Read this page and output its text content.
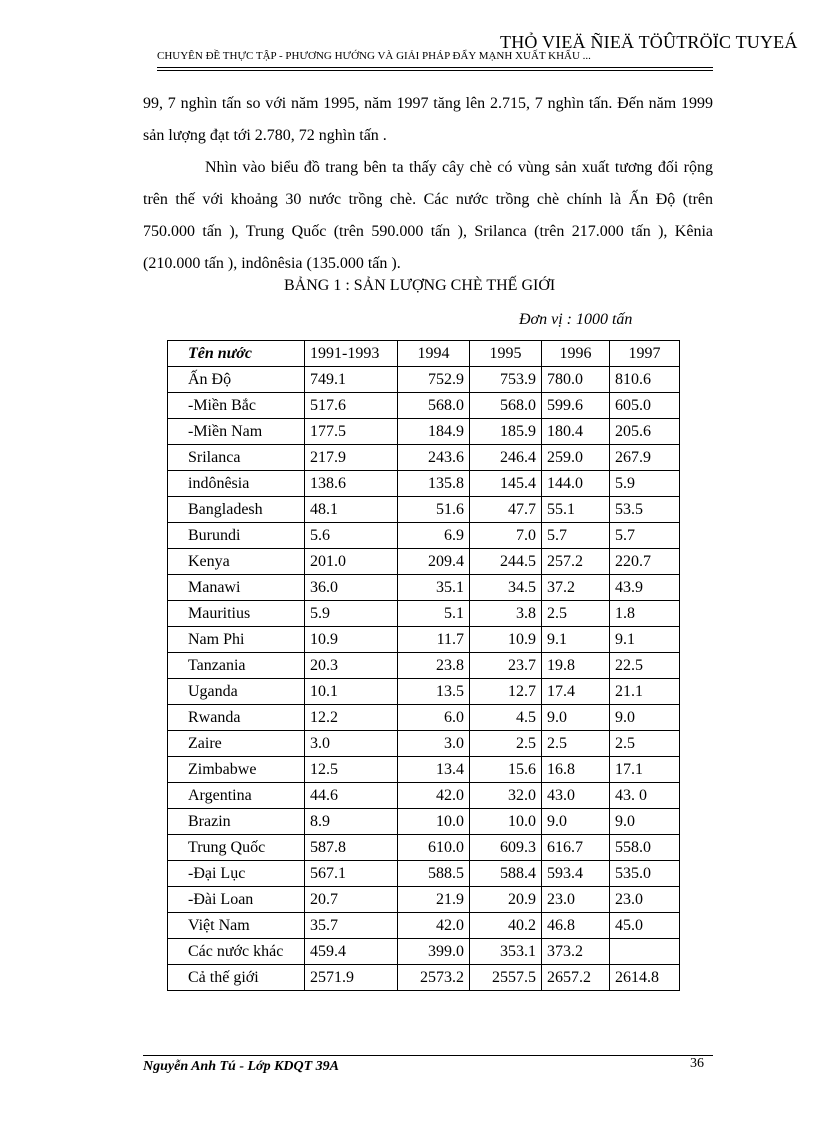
THỎ VIEÄ ÑIEÄ TÖÛTRÖÏC TUYEÁ
CHUYÊN ĐỀ THỰC TẬP - PHƯƠNG HƯỚNG VÀ GIẢI PHÁP ĐẨY MẠNH XUẤT KHẨU ...
99, 7 nghìn tấn so với năm 1995, năm 1997 tăng lên 2.715, 7 nghìn tấn. Đến năm 1999 sản lượng đạt tới 2.780, 72 nghìn tấn .
Nhìn vào biểu đồ trang bên ta thấy cây chè có vùng sản xuất tương đối rộng trên thế với khoảng 30 nước trồng chè. Các nước trồng chè chính là Ấn Độ (trên 750.000 tấn ), Trung Quốc (trên 590.000 tấn ), Srilanca (trên 217.000 tấn ), Kênia (210.000 tấn ), indônêsia (135.000 tấn ).
BẢNG 1 : SẢN LƯỢNG CHÈ THẾ GIỚI
Đơn vị : 1000 tấn
Tên nước	1991-1993	1994	1995	1996	1997
Ấn Độ	749.1	752.9	753.9	780.0	810.6
-Miền Bắc	517.6	568.0	568.0	599.6	605.0
-Miền Nam	177.5	184.9	185.9	180.4	205.6
Srilanca	217.9	243.6	246.4	259.0	267.9
indônêsia	138.6	135.8	145.4	144.0	5.9
Bangladesh	48.1	51.6	47.7	55.1	53.5
Burundi	5.6	6.9	7.0	5.7	5.7
Kenya	201.0	209.4	244.5	257.2	220.7
Manawi	36.0	35.1	34.5	37.2	43.9
Mauritius	5.9	5.1	3.8	2.5	1.8
Nam Phi	10.9	11.7	10.9	9.1	9.1
Tanzania	20.3	23.8	23.7	19.8	22.5
Uganda	10.1	13.5	12.7	17.4	21.1
Rwanda	12.2	6.0	4.5	9.0	9.0
Zaire	3.0	3.0	2.5	2.5	2.5
Zimbabwe	12.5	13.4	15.6	16.8	17.1
Argentina	44.6	42.0	32.0	43.0	43. 0
Brazin	8.9	10.0	10.0	9.0	9.0
Trung Quốc	587.8	610.0	609.3	616.7	558.0
-Đại Lục	567.1	588.5	588.4	593.4	535.0
-Đài Loan	20.7	21.9	20.9	23.0	23.0
Việt Nam	35.7	42.0	40.2	46.8	45.0
Các nước khác	459.4	399.0	353.1	373.2	
Cả thế giới	2571.9	2573.2	2557.5	2657.2	2614.8
Nguyễn Anh Tú - Lớp KDQT 39A	36
